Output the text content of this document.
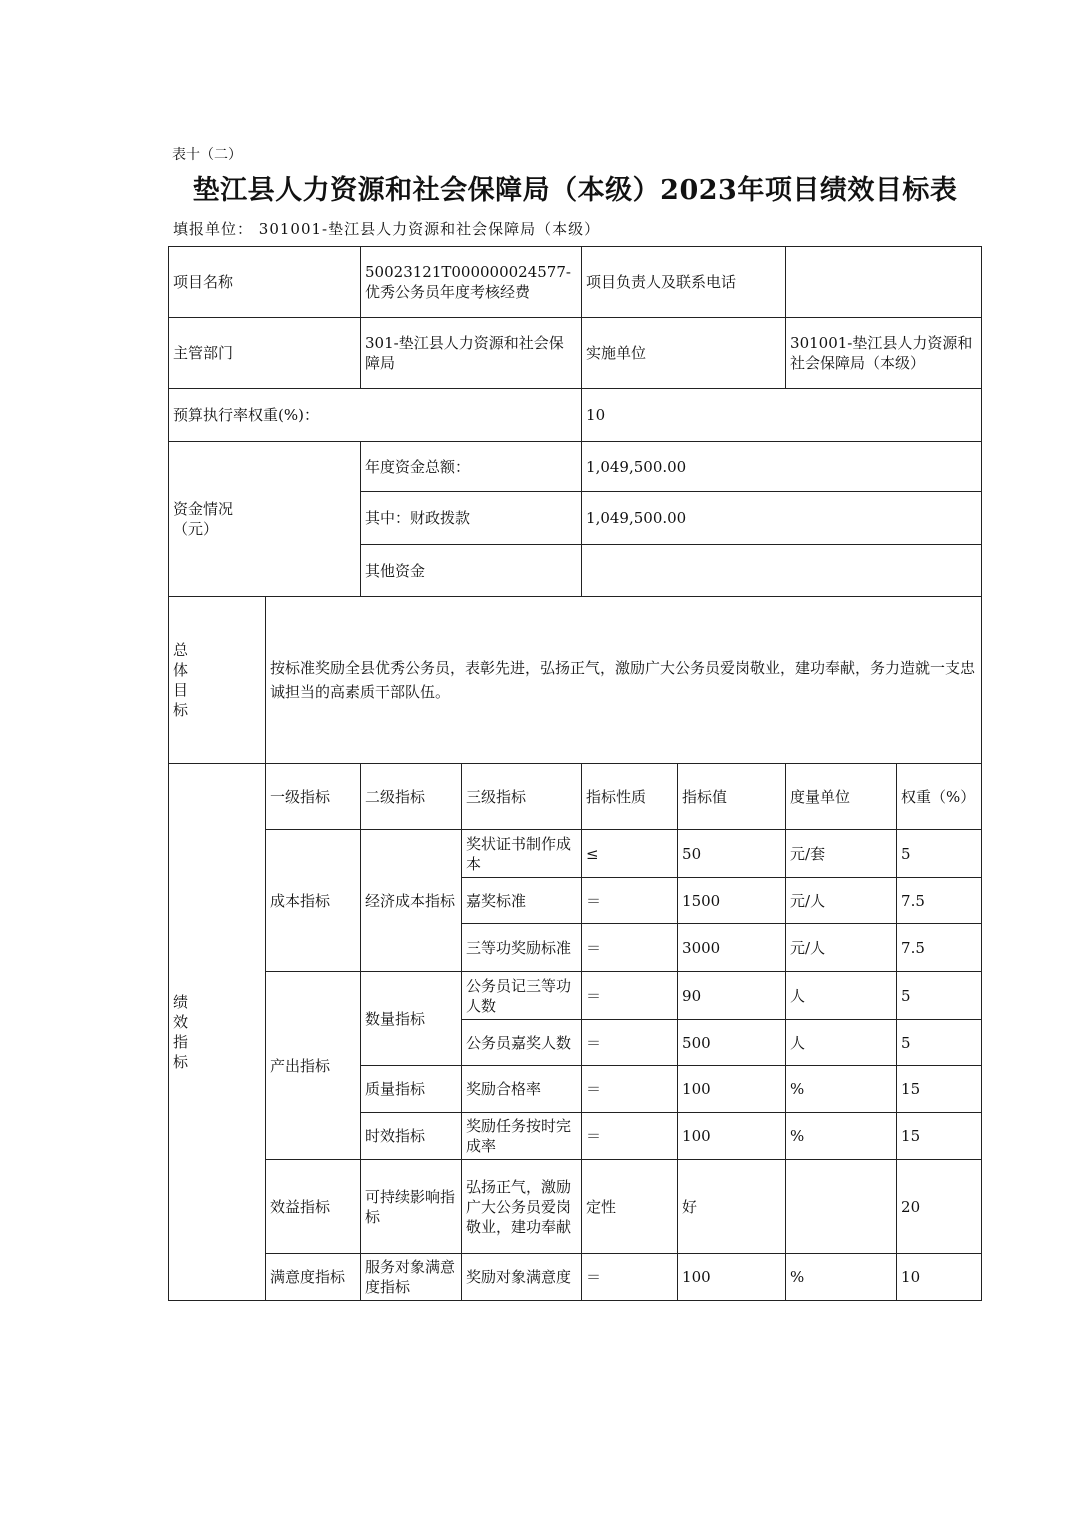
表十（二）
垫江县人力资源和社会保障局（本级）2023年项目绩效目标表
填报单位： 301001-垫江县人力资源和社会保障局（本级）
项目名称		50023121T000000024577-优秀公务员年度考核经费		项目负责人及联系电话			
主管部门		301-垫江县人力资源和社会保障局		实施单位		301001-垫江县人力资源和社会保障局（本级）	
预算执行率权重(%)：				10			

资金情况
（元）		年度资金总额：		1,049,500.00			
		其中：财政拨款		1,049,500.00			
		其他资金					

总
体
目
标	按标准奖励全县优秀公务员，表彰先进，弘扬正气，激励广大公务员爱岗敬业，建功奉献，务力造就一支忠诚担当的高素质干部队伍。						

绩
效
指
标	一级指标	二级指标	三级指标	指标性质	指标值	度量单位	权重（%）
	成本指标	经济成本指标	奖状证书制作成本	≤	50	元/套	5
			嘉奖标准	＝	1500	元/人	7.5
			三等功奖励标准	＝	3000	元/人	7.5
	产出指标	数量指标	公务员记三等功人数	＝	90	人	5
			公务员嘉奖人数	＝	500	人	5
		质量指标	奖励合格率	＝	100	%	15
		时效指标	奖励任务按时完成率	＝	100	%	15
	效益指标	可持续影响指标	弘扬正气，激励广大公务员爱岗敬业，建功奉献	定性	好		20
	满意度指标	服务对象满意度指标	奖励对象满意度	＝	100	%	10
